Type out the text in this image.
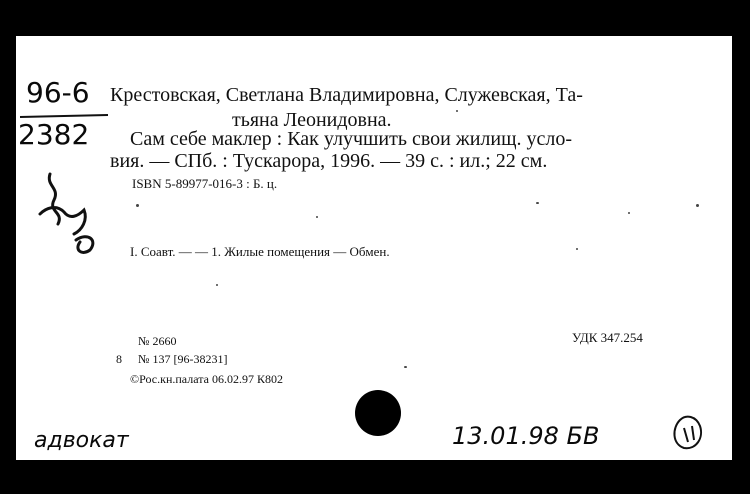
96-6
2382
Крестовская, Светлана Владимировна, Служевская, Та-
тьяна Леонидовна.
Сам себе маклер : Как улучшить свои жилищ. усло-
вия. — СПб. : Тускарора, 1996. — 39 с. : ил.; 22 см.
ISBN 5-89977-016-3 : Б. ц.
I. Соавт. — — 1. Жилые помещения — Обмен.
№ 2660	УДК 347.254
8 № 137 [96-38231]
©Рос.кн.палата 06.02.97 К802
адвокат	13.01.98 БВ
